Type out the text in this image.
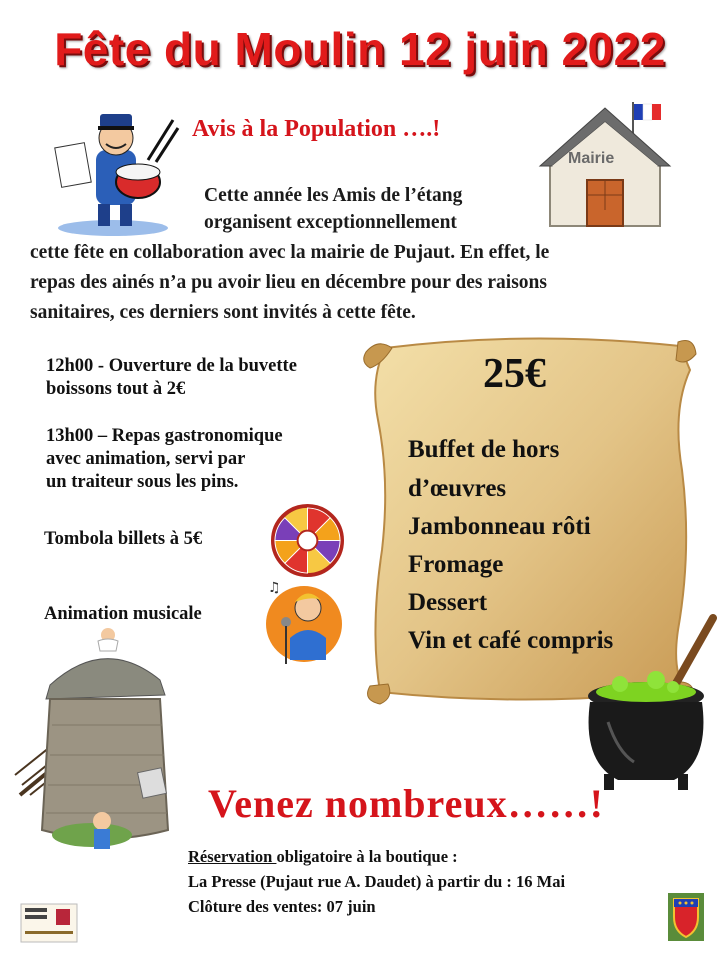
Fête du Moulin 12 juin 2022
Avis à la Population ….!
Mairie
Cette année les Amis de l’étang
organisent exceptionnellement
cette fête en collaboration avec la mairie de Pujaut. En effet, le
repas des ainés n’a pu avoir lieu en décembre pour des raisons
sanitaires, ces derniers sont invités à cette fête.
12h00 - Ouverture de la buvette
boissons tout à 2€
13h00 – Repas gastronomique
avec animation, servi par
un traiteur sous les pins.
Tombola billets à 5€
Animation musicale
♫
25€
Buffet de hors
d’œuvres
Jambonneau rôti
Fromage
Dessert
Vin et café compris
Venez nombreux……!
Réservation obligatoire à la boutique :
La Presse (Pujaut rue A. Daudet) à partir du : 16 Mai
Clôture des ventes: 07 juin
